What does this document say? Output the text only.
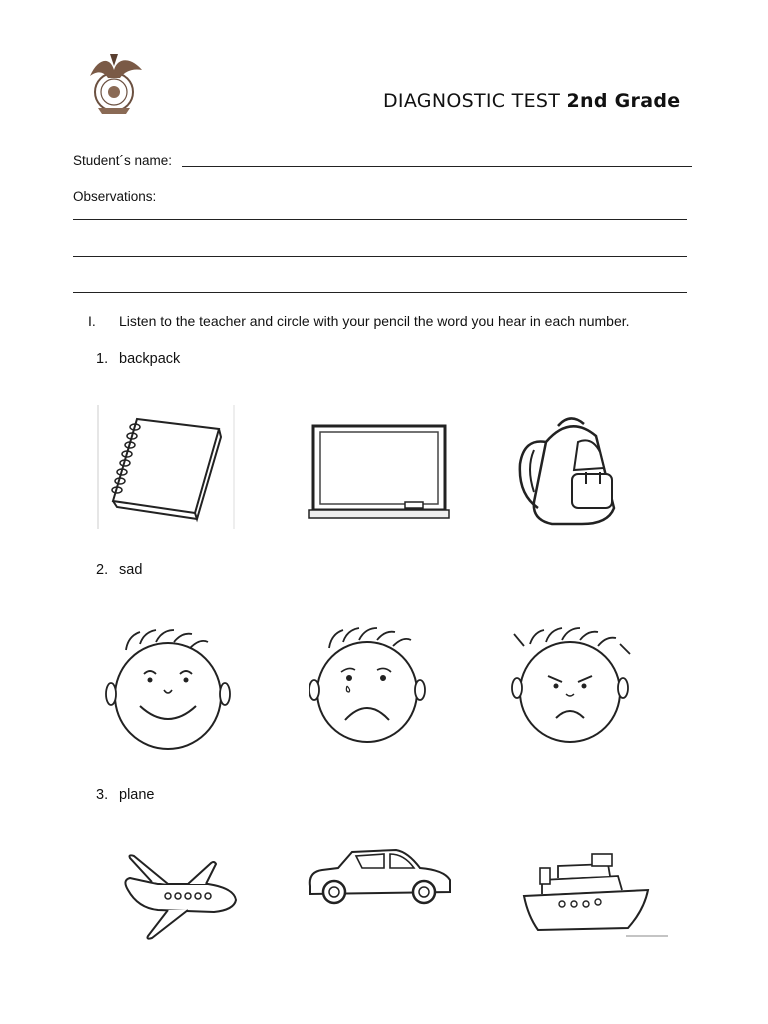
DIAGNOSTIC TEST 2nd Grade
Student´s name:
Observations:
I. Listen to the teacher and circle with your pencil the word you hear in each number.
1. backpack
2. sad
3. plane
